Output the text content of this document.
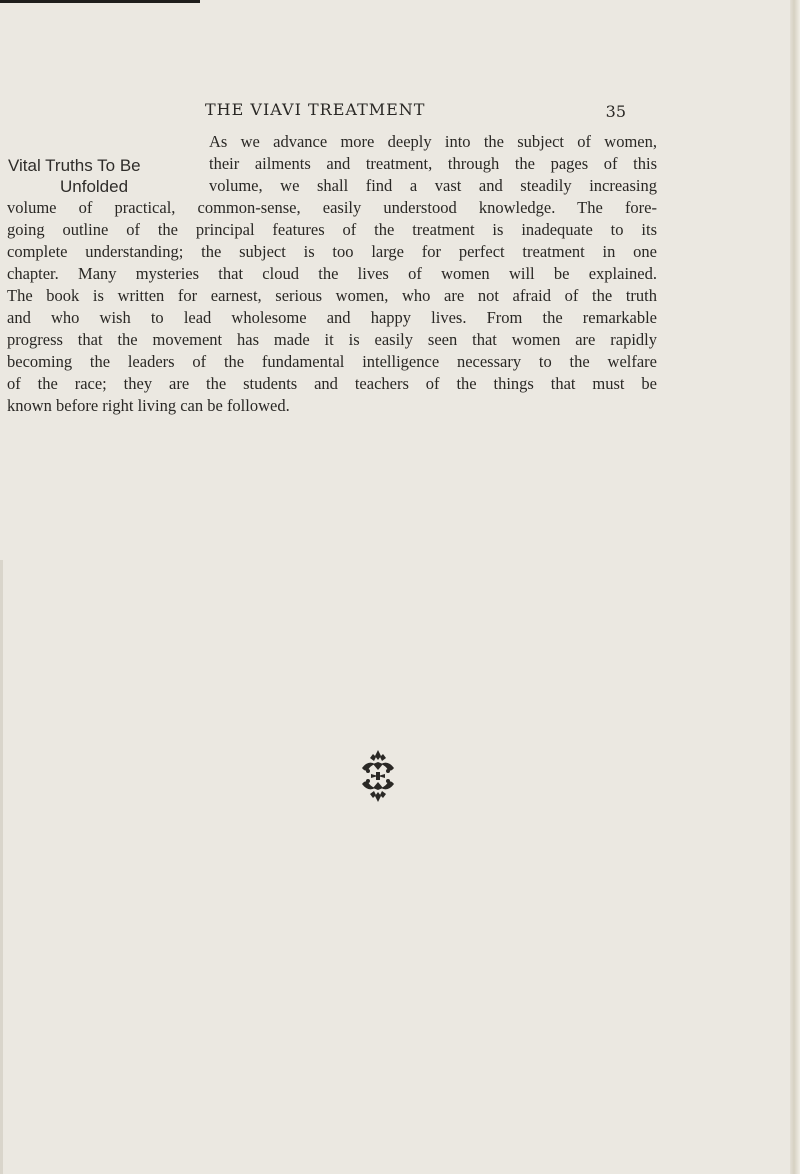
THE VIAVI TREATMENT	35
Vital Truths To Be
Unfolded
As we advance more deeply into the subject of women,
their ailments and treatment, through the pages of this
volume, we shall find a vast and steadily increasing
volume of practical, common-sense, easily understood knowledge. The fore-
going outline of the principal features of the treatment is inadequate to its
complete understanding; the subject is too large for perfect treatment in one
chapter. Many mysteries that cloud the lives of women will be explained.
The book is written for earnest, serious women, who are not afraid of the truth
and who wish to lead wholesome and happy lives. From the remarkable
progress that the movement has made it is easily seen that women are rapidly
becoming the leaders of the fundamental intelligence necessary to the welfare
of the race; they are the students and teachers of the things that must be
known before right living can be followed.
